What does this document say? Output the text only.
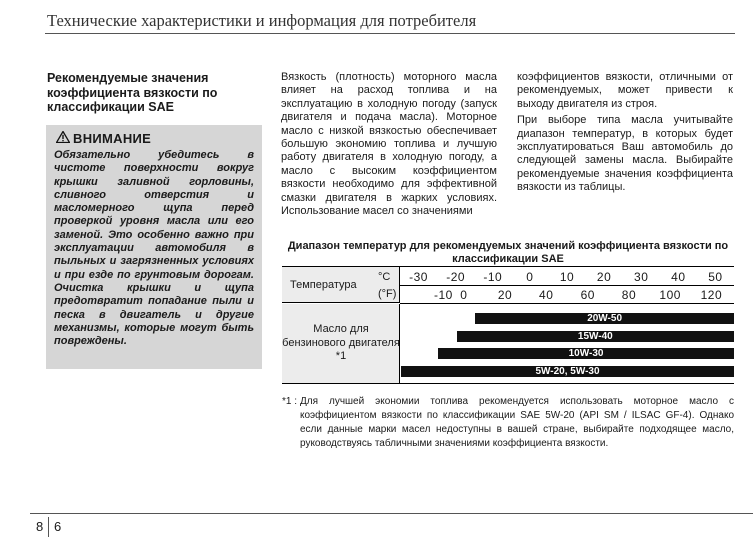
Технические характеристики и информация для потребителя
Рекомендуемые значения коэффициента вязкости по классификации SAE
ВНИМАНИЕ
Обязательно убедитесь в чистоте поверхности вокруг крышки заливной горловины, сливного отверстия и масломерного щупа перед проверкой уровня масла или его заменой. Это особенно важно при эксплуатации автомобиля в пыльных и загрязненных условиях и при езде по грунтовым дорогам. Очистка крышки и щупа предотвратит попадание пыли и песка в двигатель и другие механизмы, которые могут быть повреждены.
Вязкость (плотность) моторного масла влияет на расход топлива и на эксплуатацию в холодную погоду (запуск двигателя и подача масла). Моторное масло с низкой вязкостью обеспечивает большую экономию топлива и лучшую работу двигателя в холодную погоду, а масло с высоким коэффициентом вязкости необходимо для эффективной смазки двигателя в жарких условиях. Использование масел со значениями

коэффициентов вязкости, отличными от рекомендуемых, может привести к выходу двигателя из строя.

При выборе типа масла учитывайте диапазон температур, в которых будет эксплуатироваться Ваш автомобиль до следующей замены масла. Выбирайте рекомендуемые значения коэффициента вязкости из таблицы.

Диапазон температур для рекомендуемых значений коэффициента вязкости по классификации SAE
Температура
°C
(°F)
Масло для бензинового двигателя *1
20W-50
15W-40
10W-30
5W-20, 5W-30
-30 -20 -10 0 10 20 30 40 50
-10 0	20 40 60 80 100 120
*1 : Для лучшей экономии топлива рекомендуется использовать моторное масло с коэффициентом вязкости по классификации SAE 5W-20 (API SM / ILSAC GF-4). Однако если данные марки масел недоступны в вашей стране, выбирайте подходящее масло, руководствуясь табличными значениями коэффициента вязкости.
8 6
